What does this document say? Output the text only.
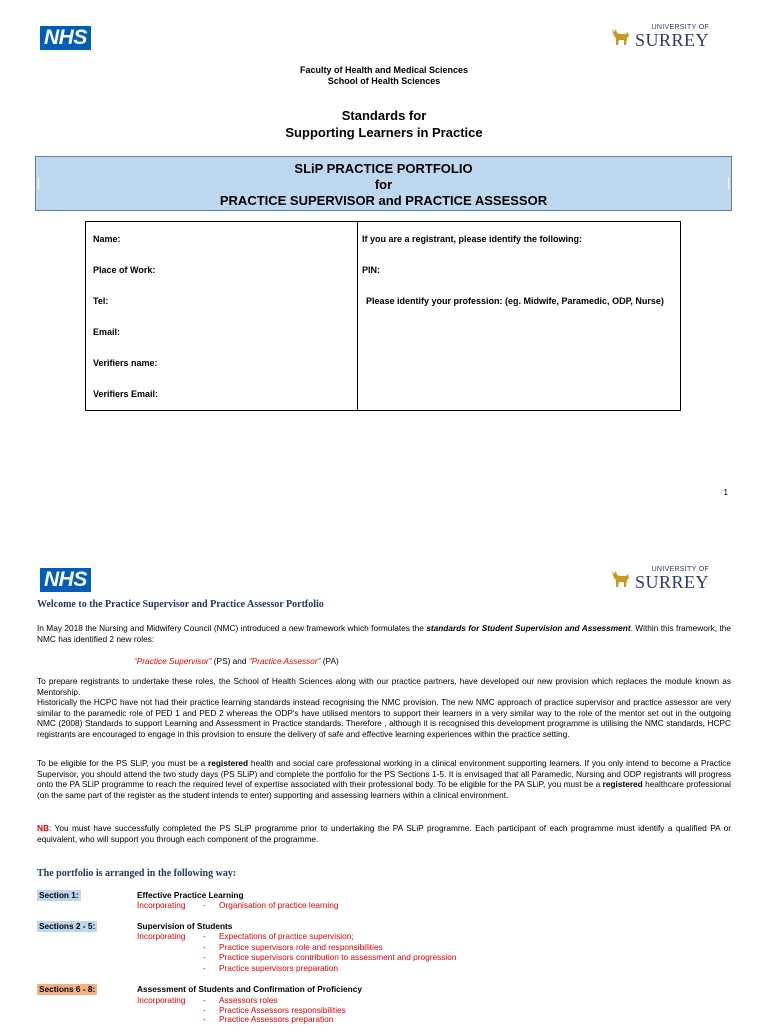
NHS	UNIVERSITY OF
SURREY
Faculty of Health and Medical Sciences
School of Health Sciences
Standards for
Supporting Learners in Practice
SLiP PRACTICE PORTFOLIO
for
PRACTICE SUPERVISOR and PRACTICE ASSESSOR
Name:
Place of Work:
Tel:
Email:
Verifiers name:
Verifiers Email:
If you are a registrant, please identify the following:
PIN:
Please identify your profession: (eg. Midwife, Paramedic, ODP, Nurse)
1
NHS	UNIVERSITY OF
SURREY
Welcome to the Practice Supervisor and Practice Assessor Portfolio
In May 2018 the Nursing and Midwifery Council (NMC) introduced a new framework which formulates the standards for Student Supervision and Assessment. Within this framework, the NMC has identified 2 new roles:
“Practice Supervisor” (PS) and “Practice Assessor” (PA)
To prepare registrants to undertake these roles, the School of Health Sciences along with our practice partners, have developed our new provision which replaces the module known as Mentorship.
Historically the HCPC have not had their practice learning standards instead recognising the NMC provision. The new NMC approach of practice supervisor and practice assessor are very similar to the paramedic role of PED 1 and PED 2 whereas the ODP's have utilised mentors to support their learners in a very similar way to the role of the mentor set out in the outgoing NMC (2008) Standards to support Learning and Assessment in Practice standards. Therefore , although it is recognised this development programme is utilising the NMC standards, HCPC registrants are encouraged to engage in this provision to ensure the delivery of safe and effective learning experiences within the practice setting.
To be eligible for the PS SLiP, you must be a registered health and social care professional working in a clinical environment supporting learners. If you only intend to become a Practice Supervisor, you should attend the two study days (PS SLiP) and complete the portfolio for the PS Sections 1-5. It is envisaged that all Paramedic, Nursing and ODP registrants will progress onto the PA SLiP programme to reach the required level of expertise associated with their professional body. To be eligible for the PA SLiP, you must be a registered healthcare professional (on the same part of the register as the student intends to enter) supporting and assessing learners within a clinical environment.
NB: You must have successfully completed the PS SLiP programme prior to undertaking the PA SLiP programme. Each participant of each programme must identify a qualified PA or equivalent, who will support you through each component of the programme.
The portfolio is arranged in the following way:
Section 1:	Effective Practice Learning
Incorporating - Organisation of practice learning
Sections 2 - 5:	Supervision of Students
Incorporating - Expectations of practice supervision;
- Practice supervisors role and responsibilities
- Practice supervisors contribution to assessment and progression
- Practice supervisors preparation
Sections 6 - 8:	Assessment of Students and Confirmation of Proficiency
Incorporating - Assessors roles
- Practice Assessors responsibilities
- Practice Assessors preparation
